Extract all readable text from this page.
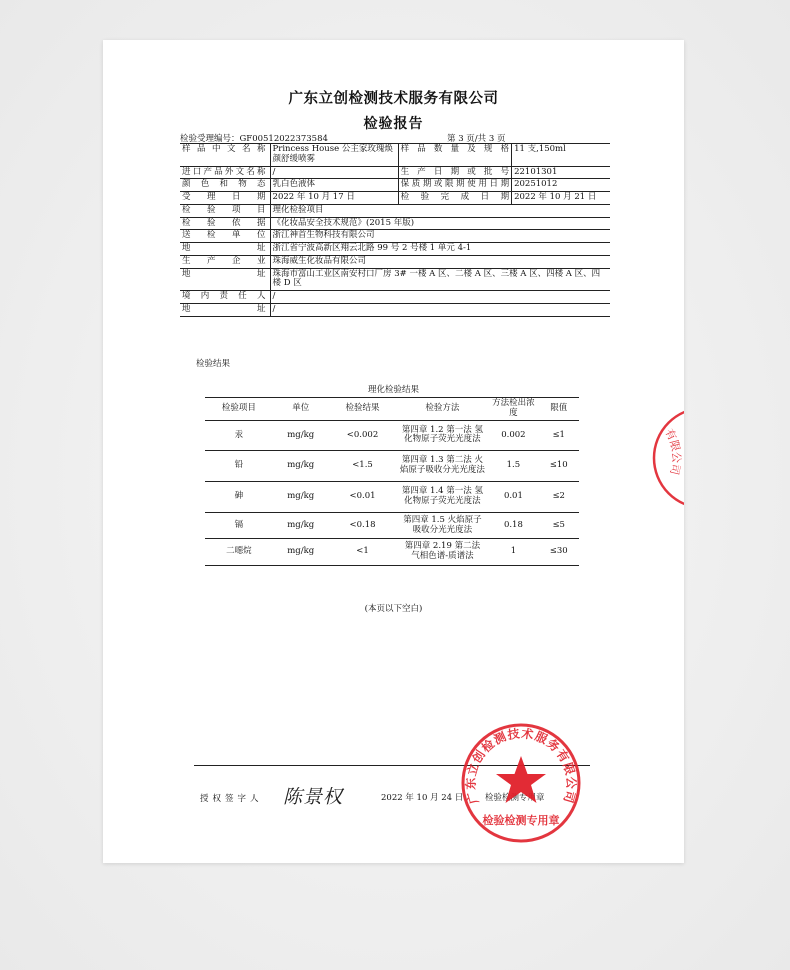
广东立创检测技术服务有限公司
检验报告
检验受理编号：GF00512022373584	第 3 页/共 3 页
样品中文名称	Princess House 公主家玫瑰焕颜舒缓喷雾	样品数量及规格	11 支,150ml
进口产品外文名称	/	生产日期或批号	22101301
颜色和物态	乳白色液体	保质期或限期使用日期	20251012
受理日期	2022 年 10 月 17 日	检验完成日期	2022 年 10 月 21 日
检验项目	理化检验项目		
检验依据	《化妆品安全技术规范》(2015 年版)		
送检单位	浙江神首生物科技有限公司		
地址	浙江省宁波高新区翔云北路 99 号 2 号楼 1 单元 4-1		
生产企业	珠海威生化妆品有限公司		
地址	珠海市富山工业区南安村口厂房 3# 一楼 A 区、二楼 A 区、三楼 A 区、四楼 A 区、四楼 D 区		
境内责任人	/		
地址	/		
检验结果
理化检验结果
检验项目	单位	检验结果	检验方法	方法检出浓度	限值
汞	mg/kg	<0.002	第四章 1.2 第一法 氢化物原子荧光光度法	0.002	≤1
铅	mg/kg	<1.5	第四章 1.3 第二法 火焰原子吸收分光光度法	1.5	≤10
砷	mg/kg	<0.01	第四章 1.4 第一法 氢化物原子荧光光度法	0.01	≤2
镉	mg/kg	<0.18	第四章 1.5 火焰原子吸收分光光度法	0.18	≤5
二噁烷	mg/kg	<1	第四章 2.19 第二法 气相色谱-质谱法	1	≤30
(本页以下空白)
授权签字人 陈景权	2022 年 10 月 24 日	检验检测专用章
有限公司
广东立创检测技术服务有限公司
检验检测专用章
